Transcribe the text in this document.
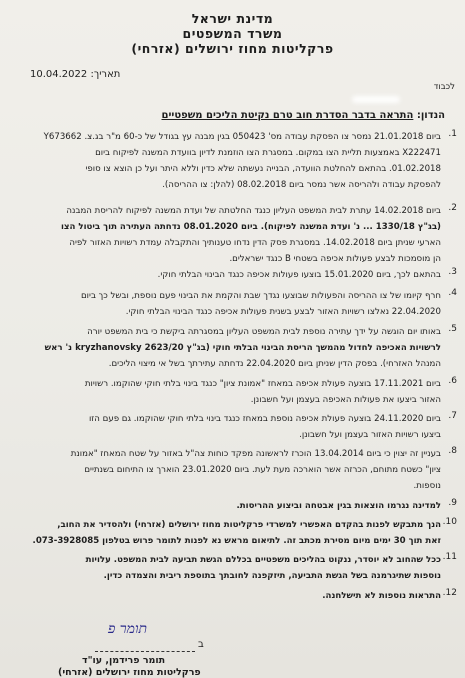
מדינת ישראל
משרד המשפטים
פרקליטות מחוז ירושלים (אזרחי)
תאריך: 10.04.2022
לכבוד
הנדון: התראה בדבר הסדרת חוב טרם נקיטת הליכים משפטיים
1.
ביום 21.01.2018 נמסר צו הפסקת עבודה מס' 050423 בגין מבנה עץ בגודל של כ-60 מ"ר בג.צ. Y673662
X222471 באמצעות תליית הצו במקום. במסגרת הצו הוזמנת לדיון בוועדת המשנה לפיקוח ביום
01.02.2018. בהתאם להחלטת הוועדה, הבנייה נעשתה שלא כדין וללא היתר ועל כן הוצא צו סופי
להפסקת עבודה ולהריסה אשר נמסר ביום 08.02.2018 (להלן: צו ההריסה).
2.
ביום 14.02.2018 עתרת לבית המשפט העליון כנגד החלטתה של ועדת המשנה לפיקוח להריסת המבנה
(בג"ץ 1330/18 ... נ' ועדת המשנה לפיקוח). ביום 08.01.2020 נדחתה העתירה תוך ביטול הצו
הארעי שניתן ביום 14.02.2018. במסגרת פסק הדין נדחו טענותיך והתקבלה עמדת רשויות האזור לפיה
הן מוסמכות לבצע פעולות אכיפה בשטחי B כנגד ישראלים.
3.
בהתאם לכך, ביום 15.01.2020 בוצעו פעולות אכיפה כנגד הבינוי הבלתי חוקי.
4.
חרף קיומו של צו ההריסה והפעולות שבוצעו נגדך שבת והקמת את הבינוי פעם נוספת, ובשל כך ביום
22.04.2020 נאלצו רשויות האזור לבצע בשנית פעולות אכיפה כנגד הבינוי הבלתי חוקי.
5.
באותו יום הוגשה על ידך עתירה נוספת לבית המשפט העליון במסגרתה ביקשת כי בית המשפט יורה
לרשויות האכיפה לחדול מהמשך הריסת הבינוי הבלתי חוקי (בג"ץ 2623/20 kryzhanovsky נ' ראש
המנהל האזרחי). בפסק הדין שניתן ביום 22.04.2020 נדחתה עתירתך בשל אי מיצוי הליכים.
6.
ביום 17.11.2021 בוצעה פעולת אכיפה במאחז "אמונת ציון" כנגד בינוי בלתי חוקי שהוקמו. רשויות
האזור ביצעו את פעולות האכיפה בעצמן ועל חשבונן.
7.
ביום 24.11.2020 בוצעה פעולת אכיפה נוספת במאחז כנגד בינוי בלתי חוקי שהוקמו. גם פעם הזו
ביצעו רשויות האזור בעצמן ועל חשבונן.
8.
בעניין זה יצוין כי ביום 13.04.2014 הוכרז לראשונה מפקד כוחות צה"ל באזור על שטח המאחז "אמונת
ציון" כשטח מתוחם, הכרזה אשר הוארכה מעת לעת. ביום 23.01.2020 הוארך צו התיחום בשנתיים
נוספות.
9.
למדינה נגרמו הוצאות בגין אבטחה וביצוע ההריסות.
10.
הנך מתבקש לפנות בהקדם האפשרי למשרדי פרקליטות מחוז ירושלים (אזרחי) ולהסדיר את החוב,
זאת תוך 30 ימים מיום מסירת מכתב זה. לתיאום מראש נא לפנות לתומר פרוש בטלפון 073-3928085.
11.
ככל שהחוב לא יוסדר, ננקוט בהליכים משפטיים בכללם הגשת תביעה לבית המשפט. עלויות
נוספות שתיגרמנה בשל הגשת התביעה, תיזקפנה לחובתך בתוספת ריבית והצמדה כדין.
12.
התראות נוספות לא תישלחנה.
ב
תומר פ
תומר פרידמן, עו"ד
פרקליטות מחוז ירושלים (אזרחי)
